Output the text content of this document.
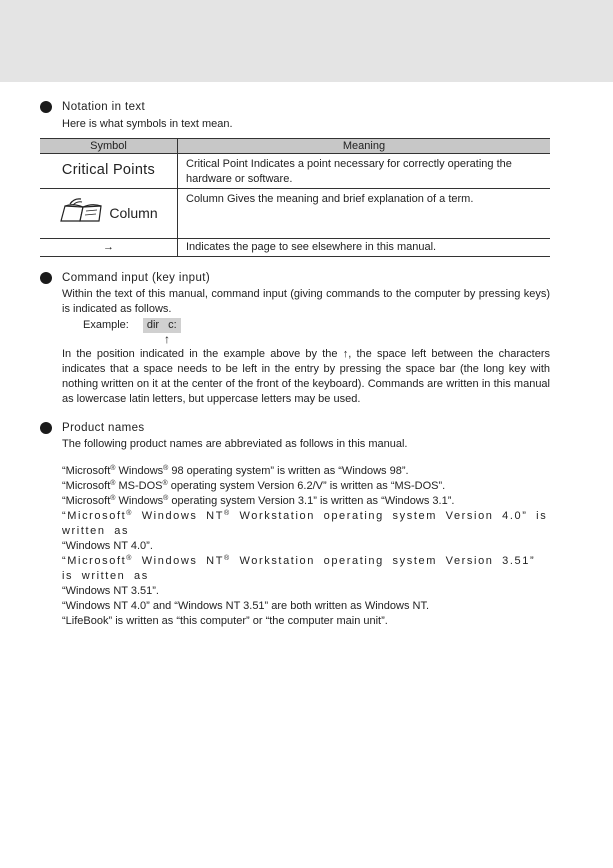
Notation in text
Here is what symbols in text mean.
Symbol	Meaning
Critical Points	Critical Point Indicates a point necessary for correctly operating the hardware or software.

Column	Column Gives the meaning and brief explanation of a term.
→	Indicates the page to see elsewhere in this manual.
Command input (key input)
Within the text of this manual, command input (giving commands to the computer by pressing keys) is indicated as follows.
Example: dir c:
↑
In the position indicated in the example above by the ↑, the space left between the characters indicates that a space needs to be left in the entry by pressing the space bar (the long key with nothing written on it at the center of the front of the keyboard). Commands are written in this manual as lowercase latin letters, but uppercase letters may be used.
Product names
The following product names are abbreviated as follows in this manual.
“Microsoft® Windows® 98 operating system” is written as “Windows 98”.
“Microsoft® MS-DOS® operating system Version 6.2/V” is written as “MS-DOS”.
“Microsoft® Windows® operating system Version 3.1” is written as “Windows 3.1”.
“Microsoft® Windows NT® Workstation operating system Version 4.0” is written as
“Windows NT 4.0”.
“Microsoft® Windows NT® Workstation operating system Version 3.51” is written as
“Windows NT 3.51”.
“Windows NT 4.0” and “Windows NT 3.51” are both written as Windows NT.
“LifeBook” is written as “this computer” or “the computer main unit”.
